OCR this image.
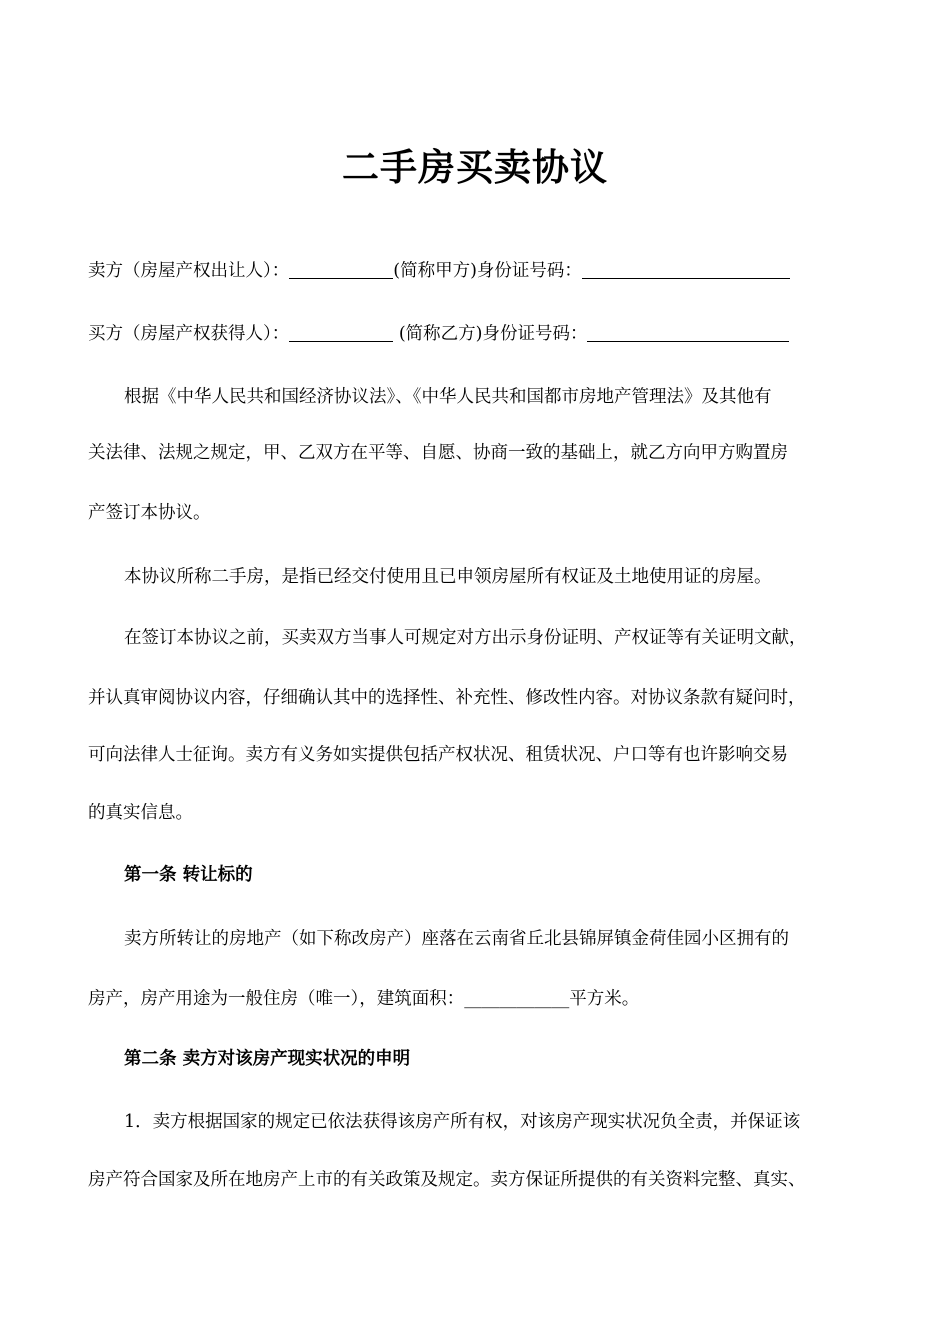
二手房买卖协议
卖方（房屋产权出让人）：	(简称甲方)身份证号码：
买方（房屋产权获得人）：	(简称乙方)身份证号码：
根据《中华人民共和国经济协议法》、《中华人民共和国都市房地产管理法》及其他有
关法律、法规之规定，甲、乙双方在平等、自愿、协商一致的基础上，就乙方向甲方购置房
产签订本协议。
本协议所称二手房，是指已经交付使用且已申领房屋所有权证及土地使用证的房屋。
在签订本协议之前，买卖双方当事人可规定对方出示身份证明、产权证等有关证明文献，
并认真审阅协议内容，仔细确认其中的选择性、补充性、修改性内容。对协议条款有疑问时，
可向法律人士征询。卖方有义务如实提供包括产权状况、租赁状况、户口等有也许影响交易
的真实信息。
第一条 转让标的
卖方所转让的房地产（如下称改房产）座落在云南省丘北县锦屏镇金荷佳园小区拥有的
房产，房产用途为一般住房（唯一），建筑面积：____________平方米。
第二条 卖方对该房产现实状况的申明
1．卖方根据国家的规定已依法获得该房产所有权，对该房产现实状况负全责，并保证该
房产符合国家及所在地房产上市的有关政策及规定。卖方保证所提供的有关资料完整、真实、
